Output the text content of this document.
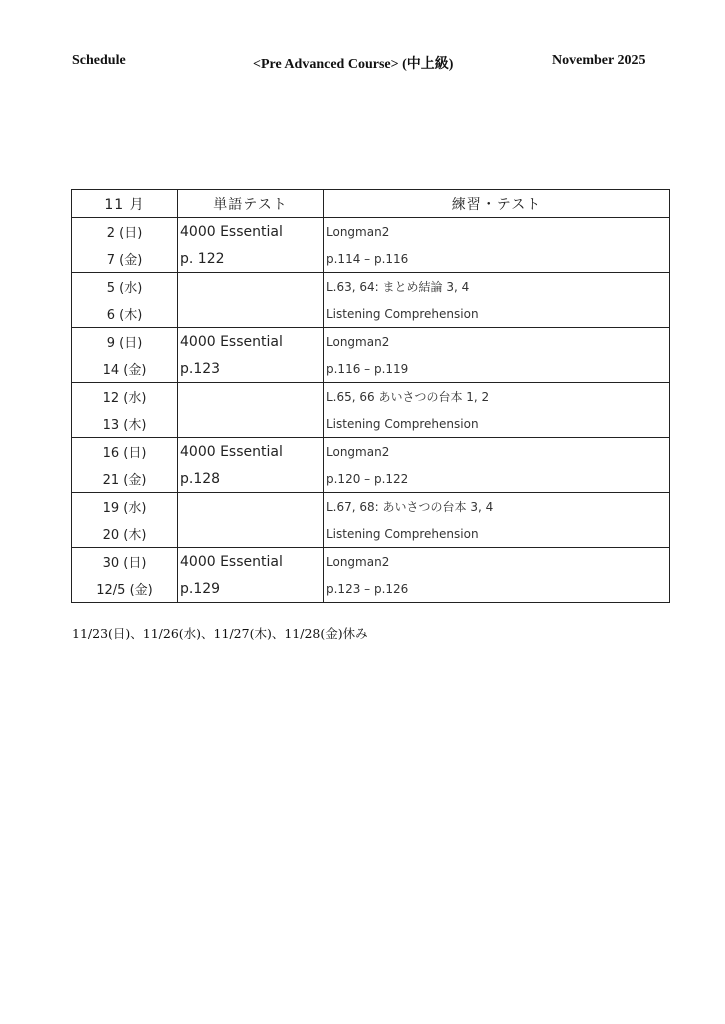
Schedule	<Pre Advanced Course> (中上級)	November 2025
11 月	単語テスト	練習・テスト
2 (日)	4000 Essential	Longman2
7 (金)	p. 122	p.114 – p.116
5 (水)		L.63, 64: まとめ結論 3, 4
6 (木)		Listening Comprehension
9 (日)	4000 Essential	Longman2
14 (金)	p.123	p.116 – p.119
12 (水)		L.65, 66 あいさつの台本 1, 2
13 (木)		Listening Comprehension
16 (日)	4000 Essential	Longman2
21 (金)	p.128	p.120 – p.122
19 (水)		L.67, 68: あいさつの台本 3, 4
20 (木)		Listening Comprehension
30 (日)	4000 Essential	Longman2
12/5 (金)	p.129	p.123 – p.126
11/23(日)、11/26(水)、11/27(木)、11/28(金)休み
